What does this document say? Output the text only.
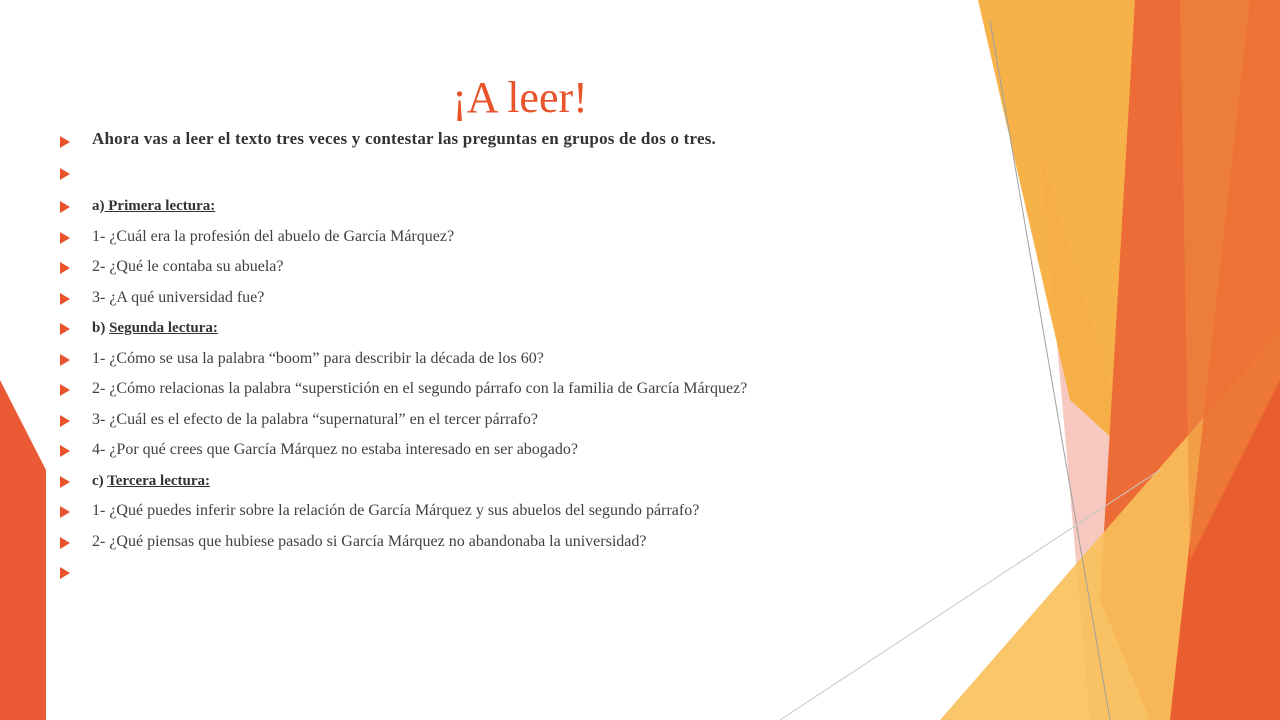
¡A leer!
Ahora vas a leer el texto tres veces y contestar las preguntas en grupos de dos o tres.
a) Primera lectura:
1- ¿Cuál era la profesión del abuelo de García Márquez?
2- ¿Qué le contaba su abuela?
3- ¿A qué universidad fue?
b) Segunda lectura:
1- ¿Cómo se usa la palabra “boom” para describir la década de los 60?
2- ¿Cómo relacionas la palabra “superstición en el segundo párrafo con la familia de García Márquez?
3- ¿Cuál es el efecto de la palabra “supernatural” en el tercer párrafo?
4- ¿Por qué crees que García Márquez no estaba interesado en ser abogado?
c) Tercera lectura:
1- ¿Qué puedes inferir sobre la relación de García Márquez y sus abuelos del segundo párrafo?
2- ¿Qué piensas que hubiese pasado si García Márquez no abandonaba la universidad?
